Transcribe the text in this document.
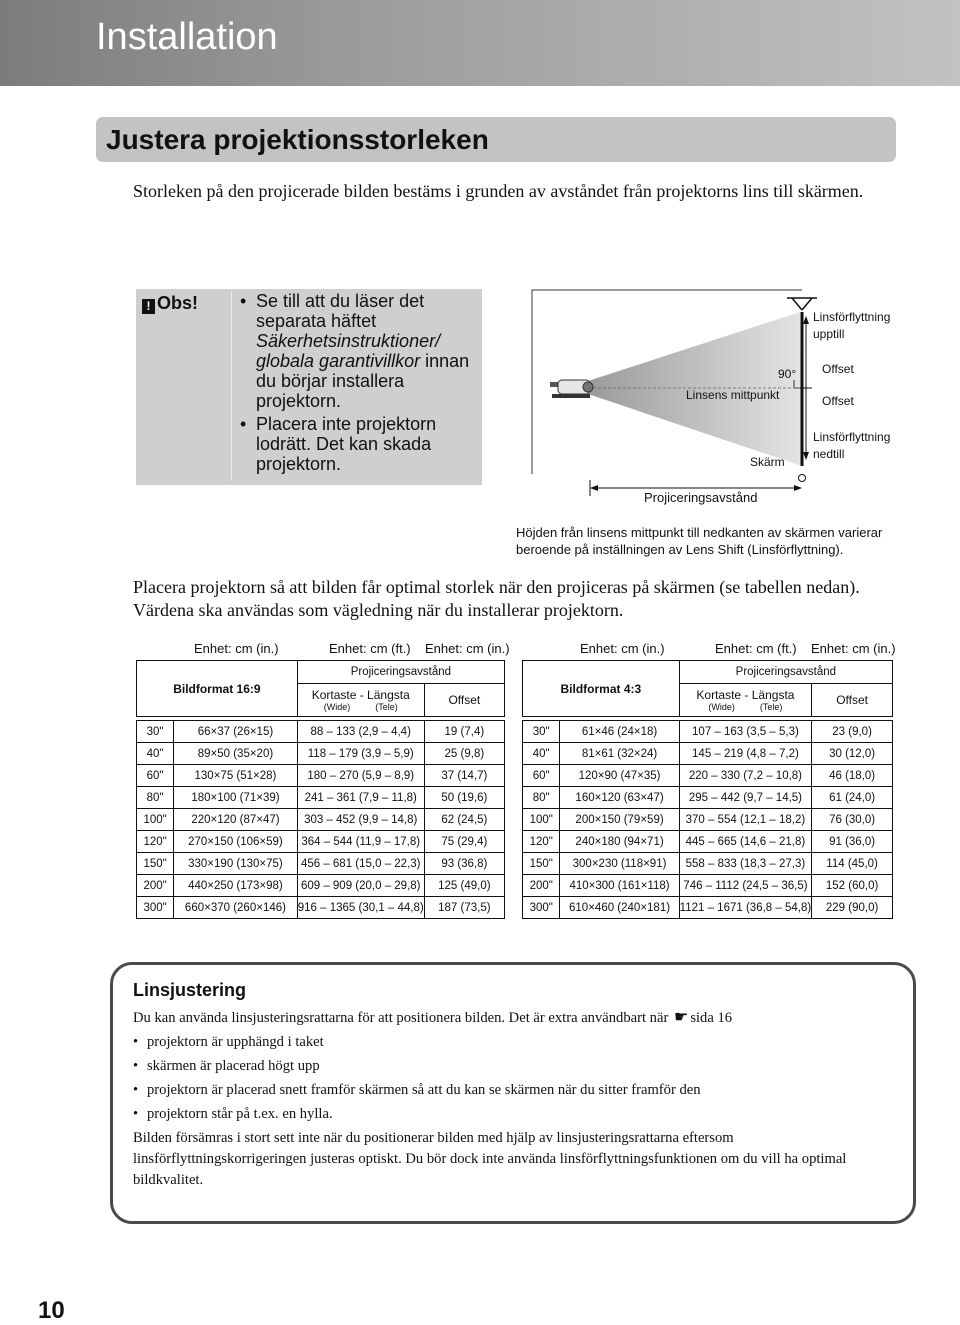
Installation
Justera projektionsstorleken
Storleken på den projicerade bilden bestäms i grunden av avståndet från projektorns lins till skärmen.
! Obs!	• Se till att du läser det separata häftet Säkerhetsinstruktioner/ globala garantivillkor innan du börjar installera projektorn.
• Placera inte projektorn lodrätt. Det kan skada projektorn.
90°
Linsens mittpunkt
Skärm
Linsförflyttning upptill
Offset
Offset
Linsförflyttning nedtill
Projiceringsavstånd
Höjden från linsens mittpunkt till nedkanten av skärmen varierar beroende på inställningen av Lens Shift (Linsförflyttning).
Placera projektorn så att bilden får optimal storlek när den projiceras på skärmen (se tabellen nedan). Värdena ska användas som vägledning när du installerar projektorn.
Enhet: cm (in.)	Enhet: cm (ft.) Enhet: cm (in.)	Enhet: cm (in.)	Enhet: cm (ft.) Enhet: cm (in.)
Bildformat 16:9		Projiceringsavstånd	

		Kortaste - Längsta
(Wide) (Tele)	Offset

30"	66×37 (26×15)	88 – 133 (2,9 – 4,4)	19 (7,4)
40"	89×50 (35×20)	118 – 179 (3,9 – 5,9)	25 (9,8)
60"	130×75 (51×28)	180 – 270 (5,9 – 8,9)	37 (14,7)
80"	180×100 (71×39)	241 – 361 (7,9 – 11,8)	50 (19,6)
100"	220×120 (87×47)	303 – 452 (9,9 – 14,8)	62 (24,5)
120"	270×150 (106×59)	364 – 544 (11,9 – 17,8)	75 (29,4)
150"	330×190 (130×75)	456 – 681 (15,0 – 22,3)	93 (36,8)
200"	440×250 (173×98)	609 – 909 (20,0 – 29,8)	125 (49,0)
300"	660×370 (260×146)	916 – 1365 (30,1 – 44,8)	187 (73,5)
Bildformat 4:3		Projiceringsavstånd	

		Kortaste - Längsta
(Wide) (Tele)	Offset

30"	61×46 (24×18)	107 – 163 (3,5 – 5,3)	23 (9,0)
40"	81×61 (32×24)	145 – 219 (4,8 – 7,2)	30 (12,0)
60"	120×90 (47×35)	220 – 330 (7,2 – 10,8)	46 (18,0)
80"	160×120 (63×47)	295 – 442 (9,7 – 14,5)	61 (24,0)
100"	200×150 (79×59)	370 – 554 (12,1 – 18,2)	76 (30,0)
120"	240×180 (94×71)	445 – 665 (14,6 – 21,8)	91 (36,0)
150"	300×230 (118×91)	558 – 833 (18,3 – 27,3)	114 (45,0)
200"	410×300 (161×118)	746 – 1112 (24,5 – 36,5)	152 (60,0)
300"	610×460 (240×181)	1121 – 1671 (36,8 – 54,8)	229 (90,0)
Linsjustering
Du kan använda linsjusteringsrattarna för att positionera bilden. Det är extra användbart när ☛ sida 16
• projektorn är upphängd i taket
• skärmen är placerad högt upp
• projektorn är placerad snett framför skärmen så att du kan se skärmen när du sitter framför den
• projektorn står på t.ex. en hylla.
Bilden försämras i stort sett inte när du positionerar bilden med hjälp av linsjusteringsrattarna eftersom linsförflyttningskorrigeringen justeras optiskt. Du bör dock inte använda linsförflyttningsfunktionen om du vill ha optimal bildkvalitet.
10
